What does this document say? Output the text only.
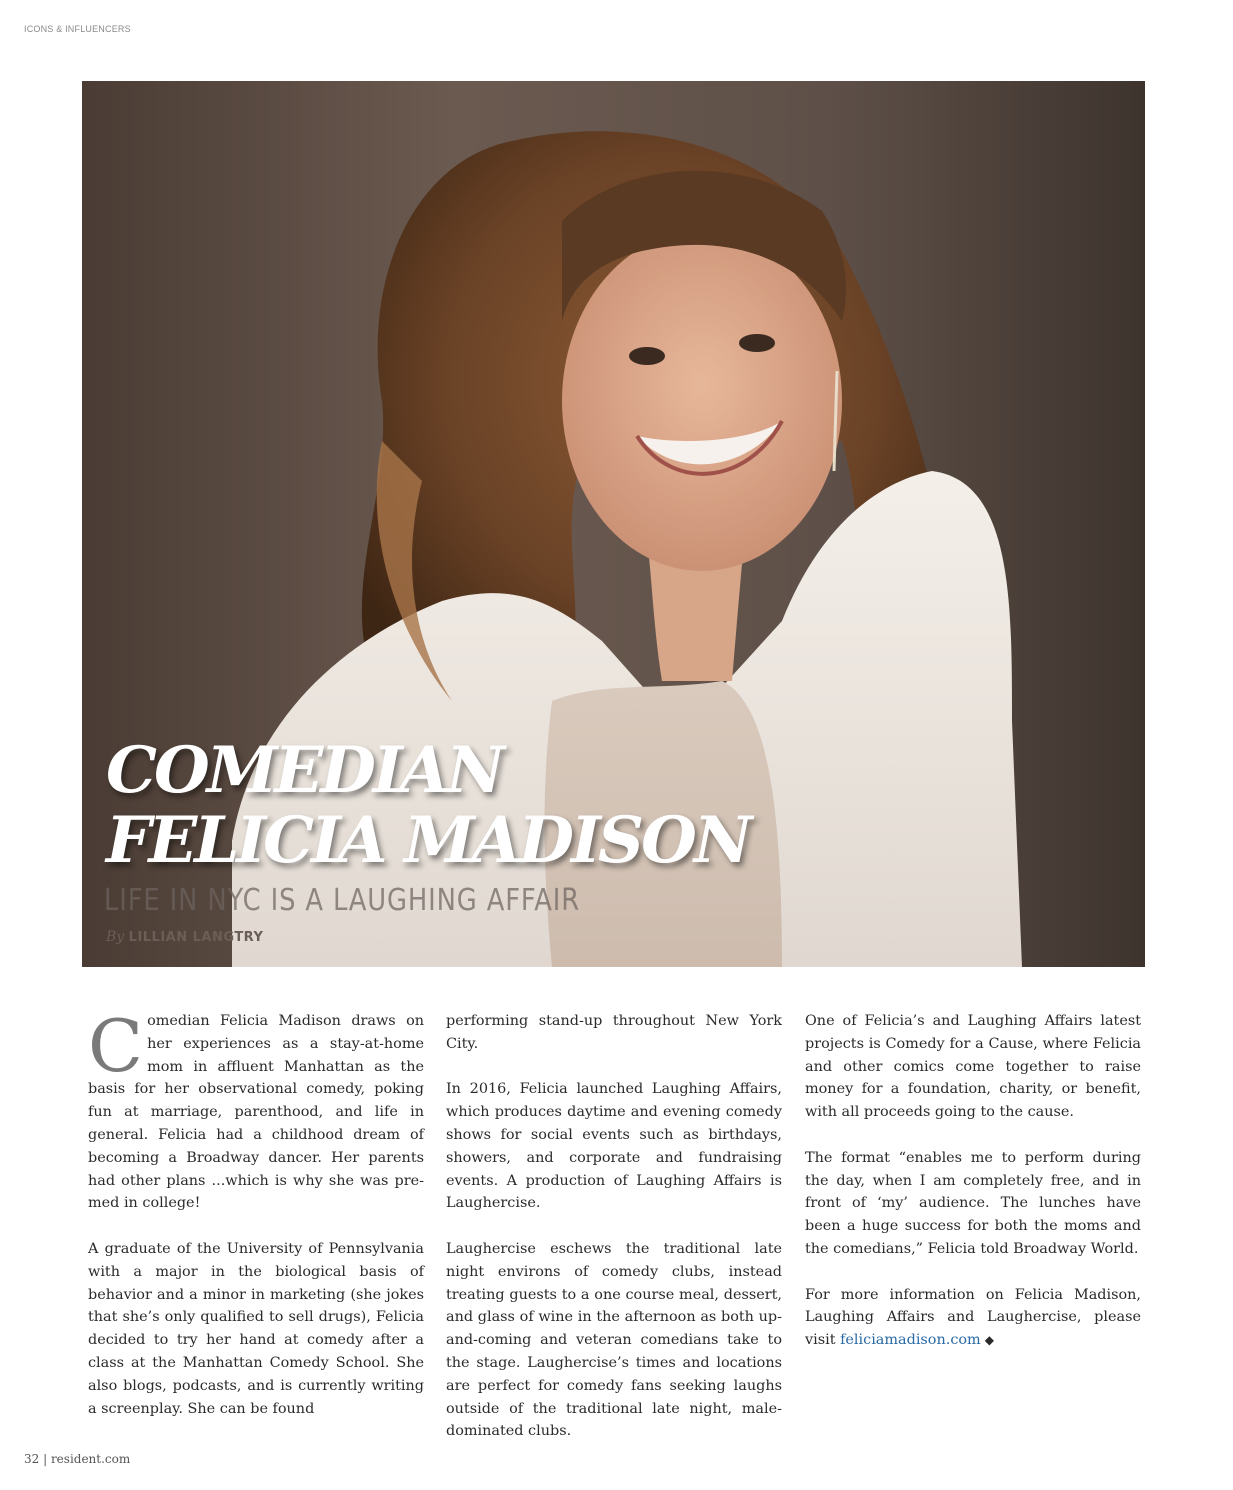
ICONS & INFLUENCERS
COMEDIAN
FELICIA MADISON
LIFE IN NYC IS A LAUGHING AFFAIR
By LILLIAN LANGTRY

Comedian Felicia Madison draws on her experiences as a stay-at-home mom in affluent Manhattan as the basis for her observational comedy, poking fun at marriage, parenthood, and life in general. Felicia had a childhood dream of becoming a Broadway dancer. Her parents had other plans ...which is why she was pre-med in college!

A graduate of the University of Pennsylvania with a major in the biological basis of behavior and a minor in marketing (she jokes that she’s only qualified to sell drugs), Felicia decided to try her hand at comedy after a class at the Manhattan Comedy School. She also blogs, podcasts, and is currently writing a screenplay. She can be found

performing stand-up throughout New York City.

In 2016, Felicia launched Laughing Affairs, which produces daytime and evening comedy shows for social events such as birthdays, showers, and corporate and fundraising events. A production of Laughing Affairs is Laughercise.

Laughercise eschews the traditional late night environs of comedy clubs, instead treating guests to a one course meal, dessert, and glass of wine in the afternoon as both up-and-coming and veteran comedians take to the stage. Laughercise’s times and locations are perfect for comedy fans seeking laughs outside of the traditional late night, male-dominated clubs.

One of Felicia’s and Laughing Affairs latest projects is Comedy for a Cause, where Felicia and other comics come together to raise money for a foundation, charity, or benefit, with all proceeds going to the cause.

The format “enables me to perform during the day, when I am completely free, and in front of ‘my’ audience. The lunches have been a huge success for both the moms and the comedians,” Felicia told Broadway World.

For more information on Felicia Madison, Laughing Affairs and Laughercise, please visit feliciamadison.com ◆

32 | resident.com
